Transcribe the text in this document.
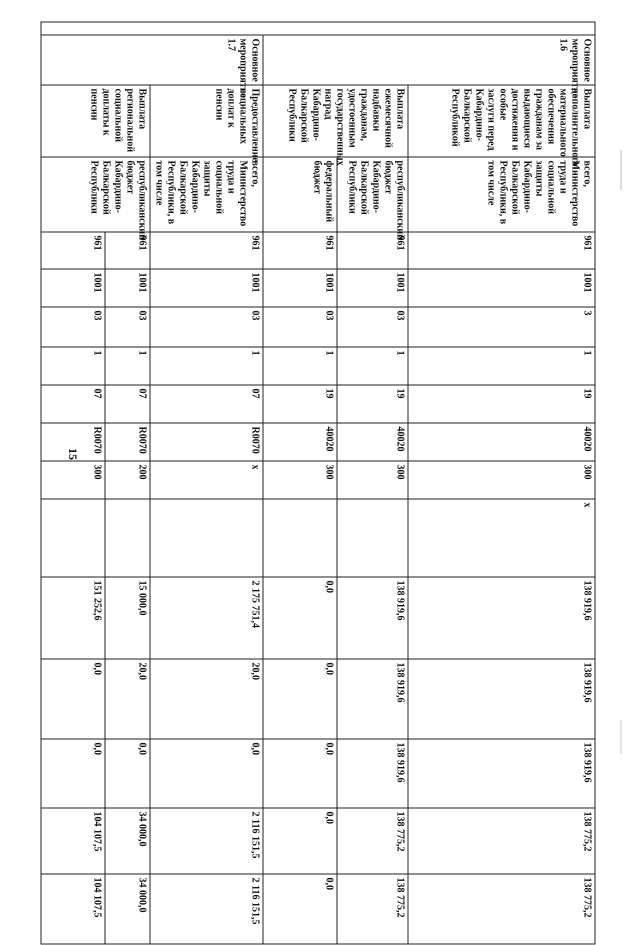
15
	Основное мероприятие 1.6	Выплата дополнительного материального обеспечения гражданам за выдающиеся достижения и особые заслуги перед Кабардино-Балкарской Республикой	всего, Министерство труда и социальной защиты Кабардино-Балкарской Республики, в том числе	961	1001	3	1	19	40020	300	x	138 919,6	138 919,6	138 919,6	138 775,2	138 775,2
		Выплата ежемесячной надбавки гражданам, удостоенным государственных наград Кабардино-Балкарской Республики	республиканский бюджет Кабардино-Балкарской Республики	961	1001	03	1	19	40020	300		138 919,6	138 919,6	138 919,6	138 775,2	138 775,2
			федеральный бюджет	961	1001	03	1	19	40020	300		0,0	0,0	0,0	0,0	0,0
	Основное мероприятие 1.7	Предоставление социальных доплат к пенсии	всего, Министерство труда и социальной защиты Кабардино-Балкарской Республики, в том числе	961	1001	03	1	07	R0070	x		2 175 751,4	20,0	0,0	2 116 151,5	2 116 151,5
		Выплата региональной социальной доплаты к пенсии	республиканский бюджет Кабардино-Балкарской Республики	961	1001	03	1	07	R0070	200		15 000,0	20,0	0,0	34 000,0	34 000,0
				961	1001	03	1	07	R0070	300		151 252,6	0,0	0,0	104 107,5	104 107,5
